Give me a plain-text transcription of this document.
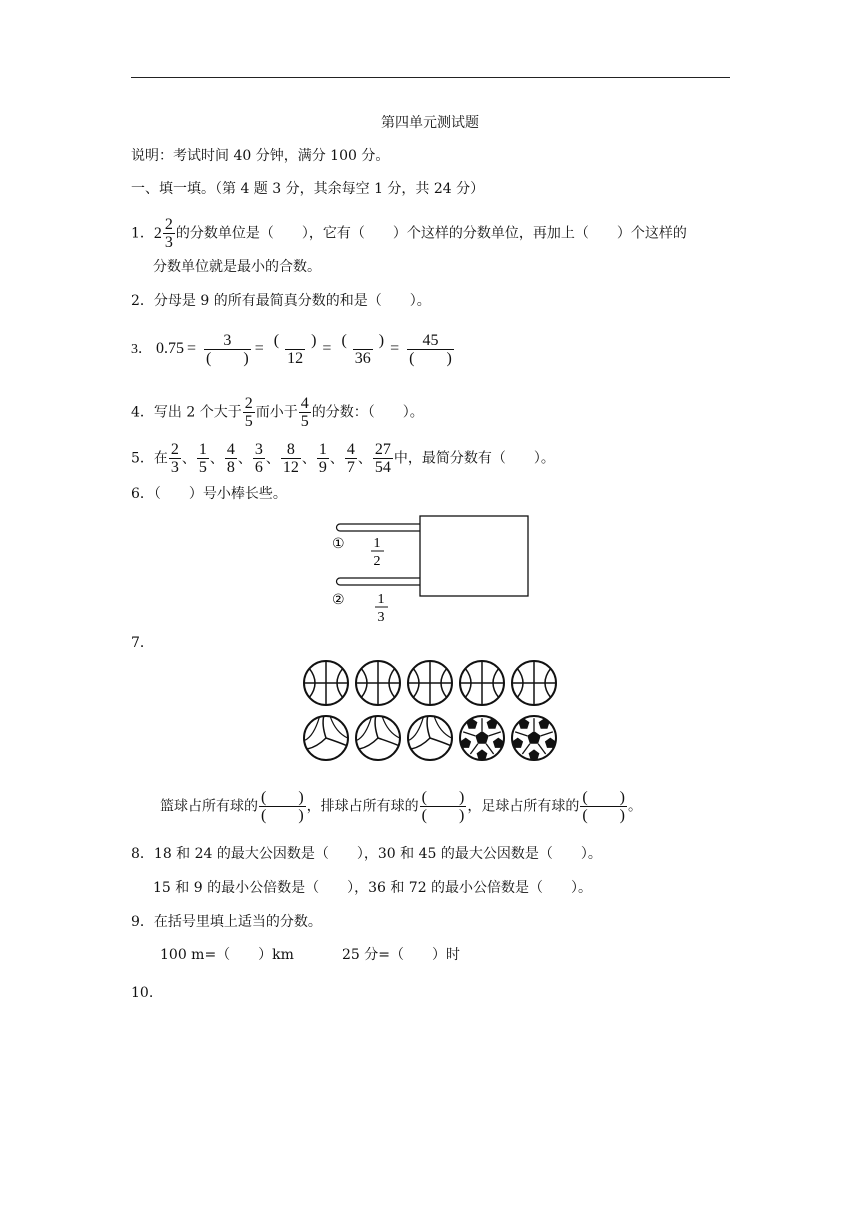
第四单元测试题
说明：考试时间 40 分钟，满分 100 分。
一、填一填。（第 4 题 3 分，其余每空 1 分，共 24 分）
1． $2 \frac{2}{3}$ 的分数单位是（　　），它有（　　）个这样的分数单位，再加上（　　）个这样的
分数单位就是最小的合数。
2．分母是 9 的所有最简真分数的和是（　　）。
3． $0.75 = \frac{3}{( )} = \frac{( )}{12} = \frac{( )}{36} = \frac{45}{( )}$
4．写出 2 个大于 $\frac{2}{5}$ 而小于 $\frac{4}{5}$ 的分数：（　　）。
5．在 $\frac{2}{3}$ 、 $\frac{1}{5}$ 、 $\frac{4}{8}$ 、 $\frac{3}{6}$ 、 $\frac{8}{12}$ 、 $\frac{1}{9}$ 、 $\frac{4}{7}$ 、 $\frac{27}{54}$ 中，最简分数有（　　）。
6．（　　）号小棒长些。
① 1
2
② 1
3
7．
篮球占所有球的 $\frac{( )}{( )}$ ，排球占所有球的 $\frac{( )}{( )}$ ，足球占所有球的 $\frac{( )}{( )}$ 。
8．18 和 24 的最大公因数是（　　），30 和 45 的最大公因数是（　　）。
15 和 9 的最小公倍数是（　　），36 和 72 的最小公倍数是（　　）。
9．在括号里填上适当的分数。
100 m=（　　）km	25 分=（　　）时
10.
